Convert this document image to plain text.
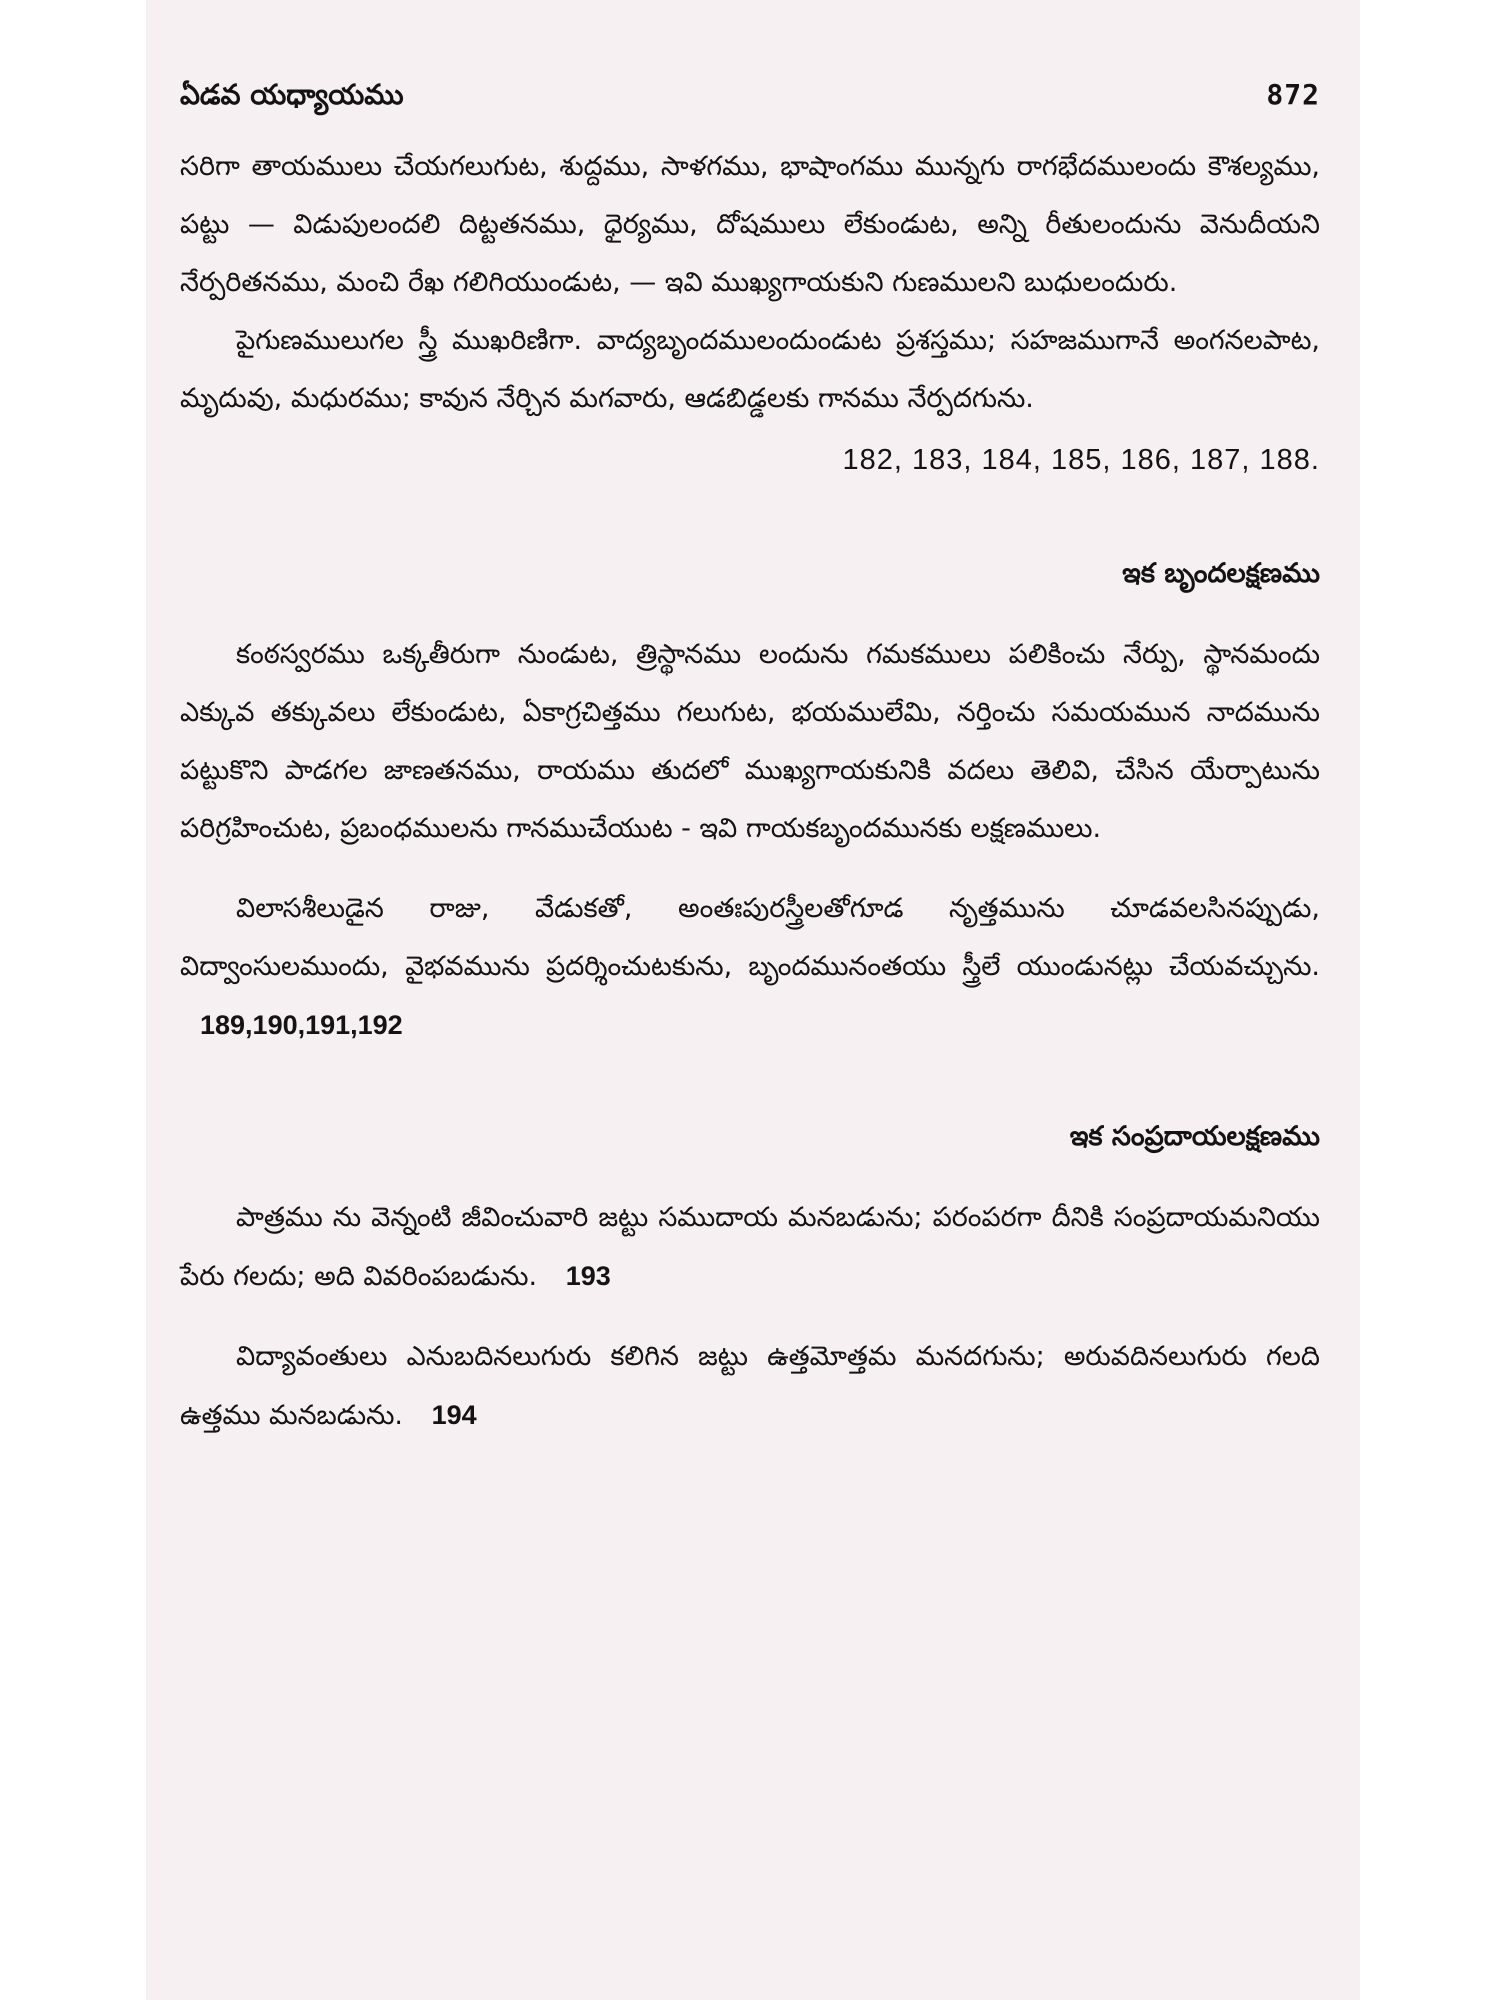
ఏడవ యధ్యాయము	872

సరిగా తాయములు చేయగలుగుట, శుద్దము, సాళగము, భాషాంగము మున్నగు రాగభేదములందు కౌశల్యము, పట్టు — విడుపులందలి దిట్టతనము, ధైర్యము, దోషములు లేకుండుట, అన్ని రీతులందును వెనుదీయని నేర్పరితనము, మంచి రేఖ గలిగియుండుట, — ఇవి ముఖ్యగాయకుని గుణములని బుధులందురు.

పైగుణములుగల స్త్రీ ముఖరిణిగా. వాద్యబృందములందుండుట ప్రశస్తము; సహజముగానే అంగనలపాట, మృదువు, మధురము; కావున నేర్చిన మగవారు, ఆడబిడ్డలకు గానము నేర్పదగును.

182, 183, 184, 185, 186, 187, 188.
ఇక బృందలక్షణము

కంఠస్వరము ఒక్కతీరుగా నుండుట, త్రిస్థానము లందును గమకములు పలికించు నేర్పు, స్థానమందు ఎక్కువ తక్కువలు లేకుండుట, ఏకాగ్రచిత్తము గలుగుట, భయములేమి, నర్తించు సమయమున నాదమును పట్టుకొని పాడగల జాణతనము, రాయము తుదలో ముఖ్యగాయకునికి వదలు తెలివి, చేసిన యేర్పాటును పరిగ్రహించుట, ప్రబంధములను గానముచేయుట - ఇవి గాయకబృందమునకు లక్షణములు.

విలాసశీలుడైన రాజు, వేడుకతో, అంతఃపురస్త్రీలతోగూడ నృత్తమును చూడవలసినప్పుడు, విద్వాంసులముందు, వైభవమును ప్రదర్శించుటకును, బృందమునంతయు స్త్రీలే యుండునట్లు చేయవచ్చును. 189,190,191,192

ఇక సంప్రదాయలక్షణము

పాత్రము ను వెన్నంటి జీవించువారి జట్టు సముదాయ మనబడును; పరంపరగా దీనికి సంప్రదాయమనియు పేరు గలదు; అది వివరింపబడును. 193

విద్యావంతులు ఎనుబదినలుగురు కలిగిన జట్టు ఉత్తమోత్తమ మనదగును; అరువదినలుగురు గలది ఉత్తము మనబడును. 194
